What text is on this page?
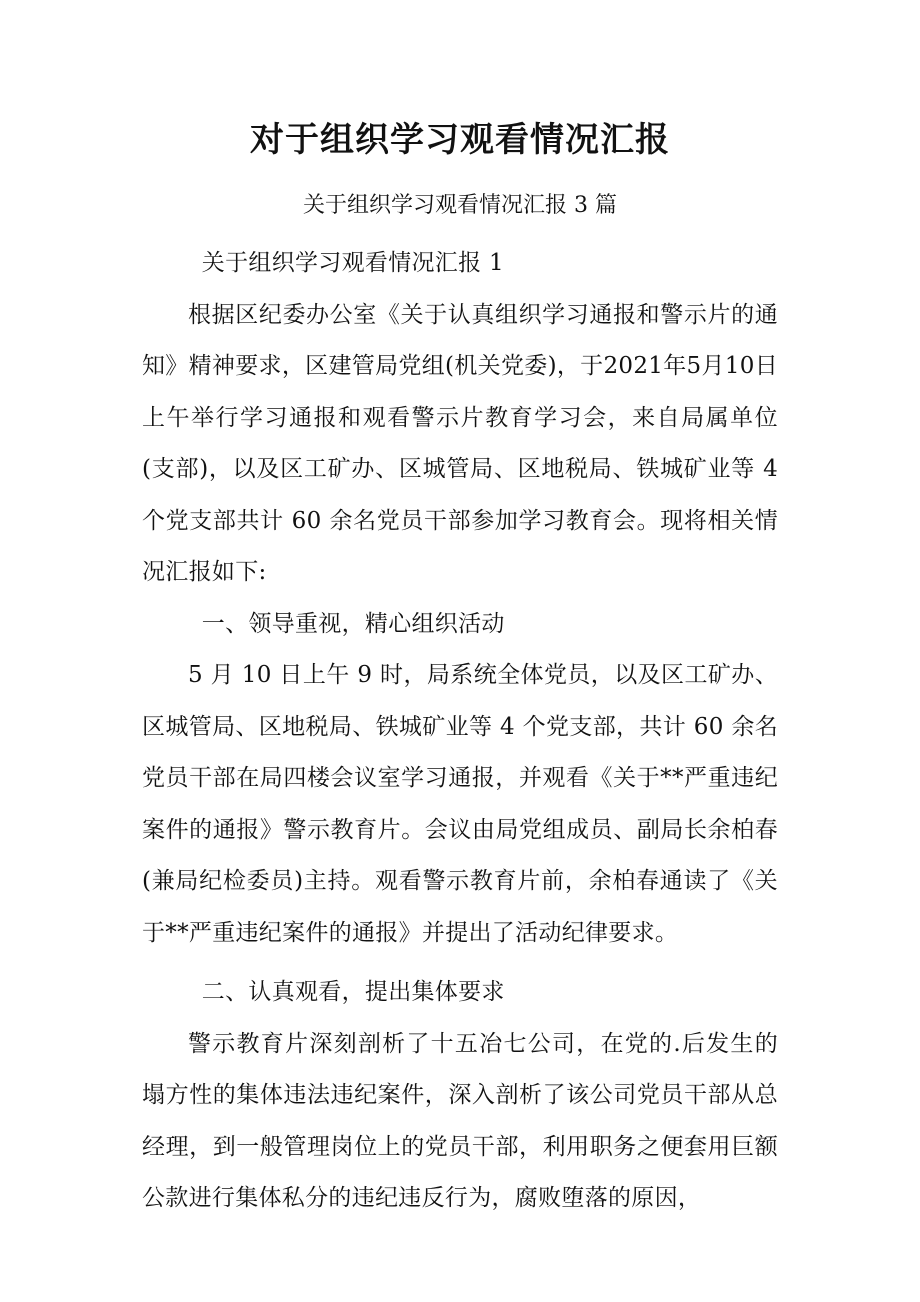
对于组织学习观看情况汇报

关于组织学习观看情况汇报 3 篇

关于组织学习观看情况汇报 1

根据区纪委办公室《关于认真组织学习通报和警示片的通知》精神要求，区建管局党组(机关党委)，于2021年5月10日上午举行学习通报和观看警示片教育学习会，来自局属单位(支部)，以及区工矿办、区城管局、区地税局、铁城矿业等 4 个党支部共计 60 余名党员干部参加学习教育会。现将相关情况汇报如下:

一、领导重视，精心组织活动

5 月 10 日上午 9 时，局系统全体党员，以及区工矿办、区城管局、区地税局、铁城矿业等 4 个党支部，共计 60 余名党员干部在局四楼会议室学习通报，并观看《关于**严重违纪案件的通报》警示教育片。会议由局党组成员、副局长余柏春(兼局纪检委员)主持。观看警示教育片前，余柏春通读了《关于**严重违纪案件的通报》并提出了活动纪律要求。

二、认真观看，提出集体要求

警示教育片深刻剖析了十五冶七公司，在党的.后发生的塌方性的集体违法违纪案件，深入剖析了该公司党员干部从总经理，到一般管理岗位上的党员干部，利用职务之便套用巨额公款进行集体私分的违纪违反行为，腐败堕落的原因，
